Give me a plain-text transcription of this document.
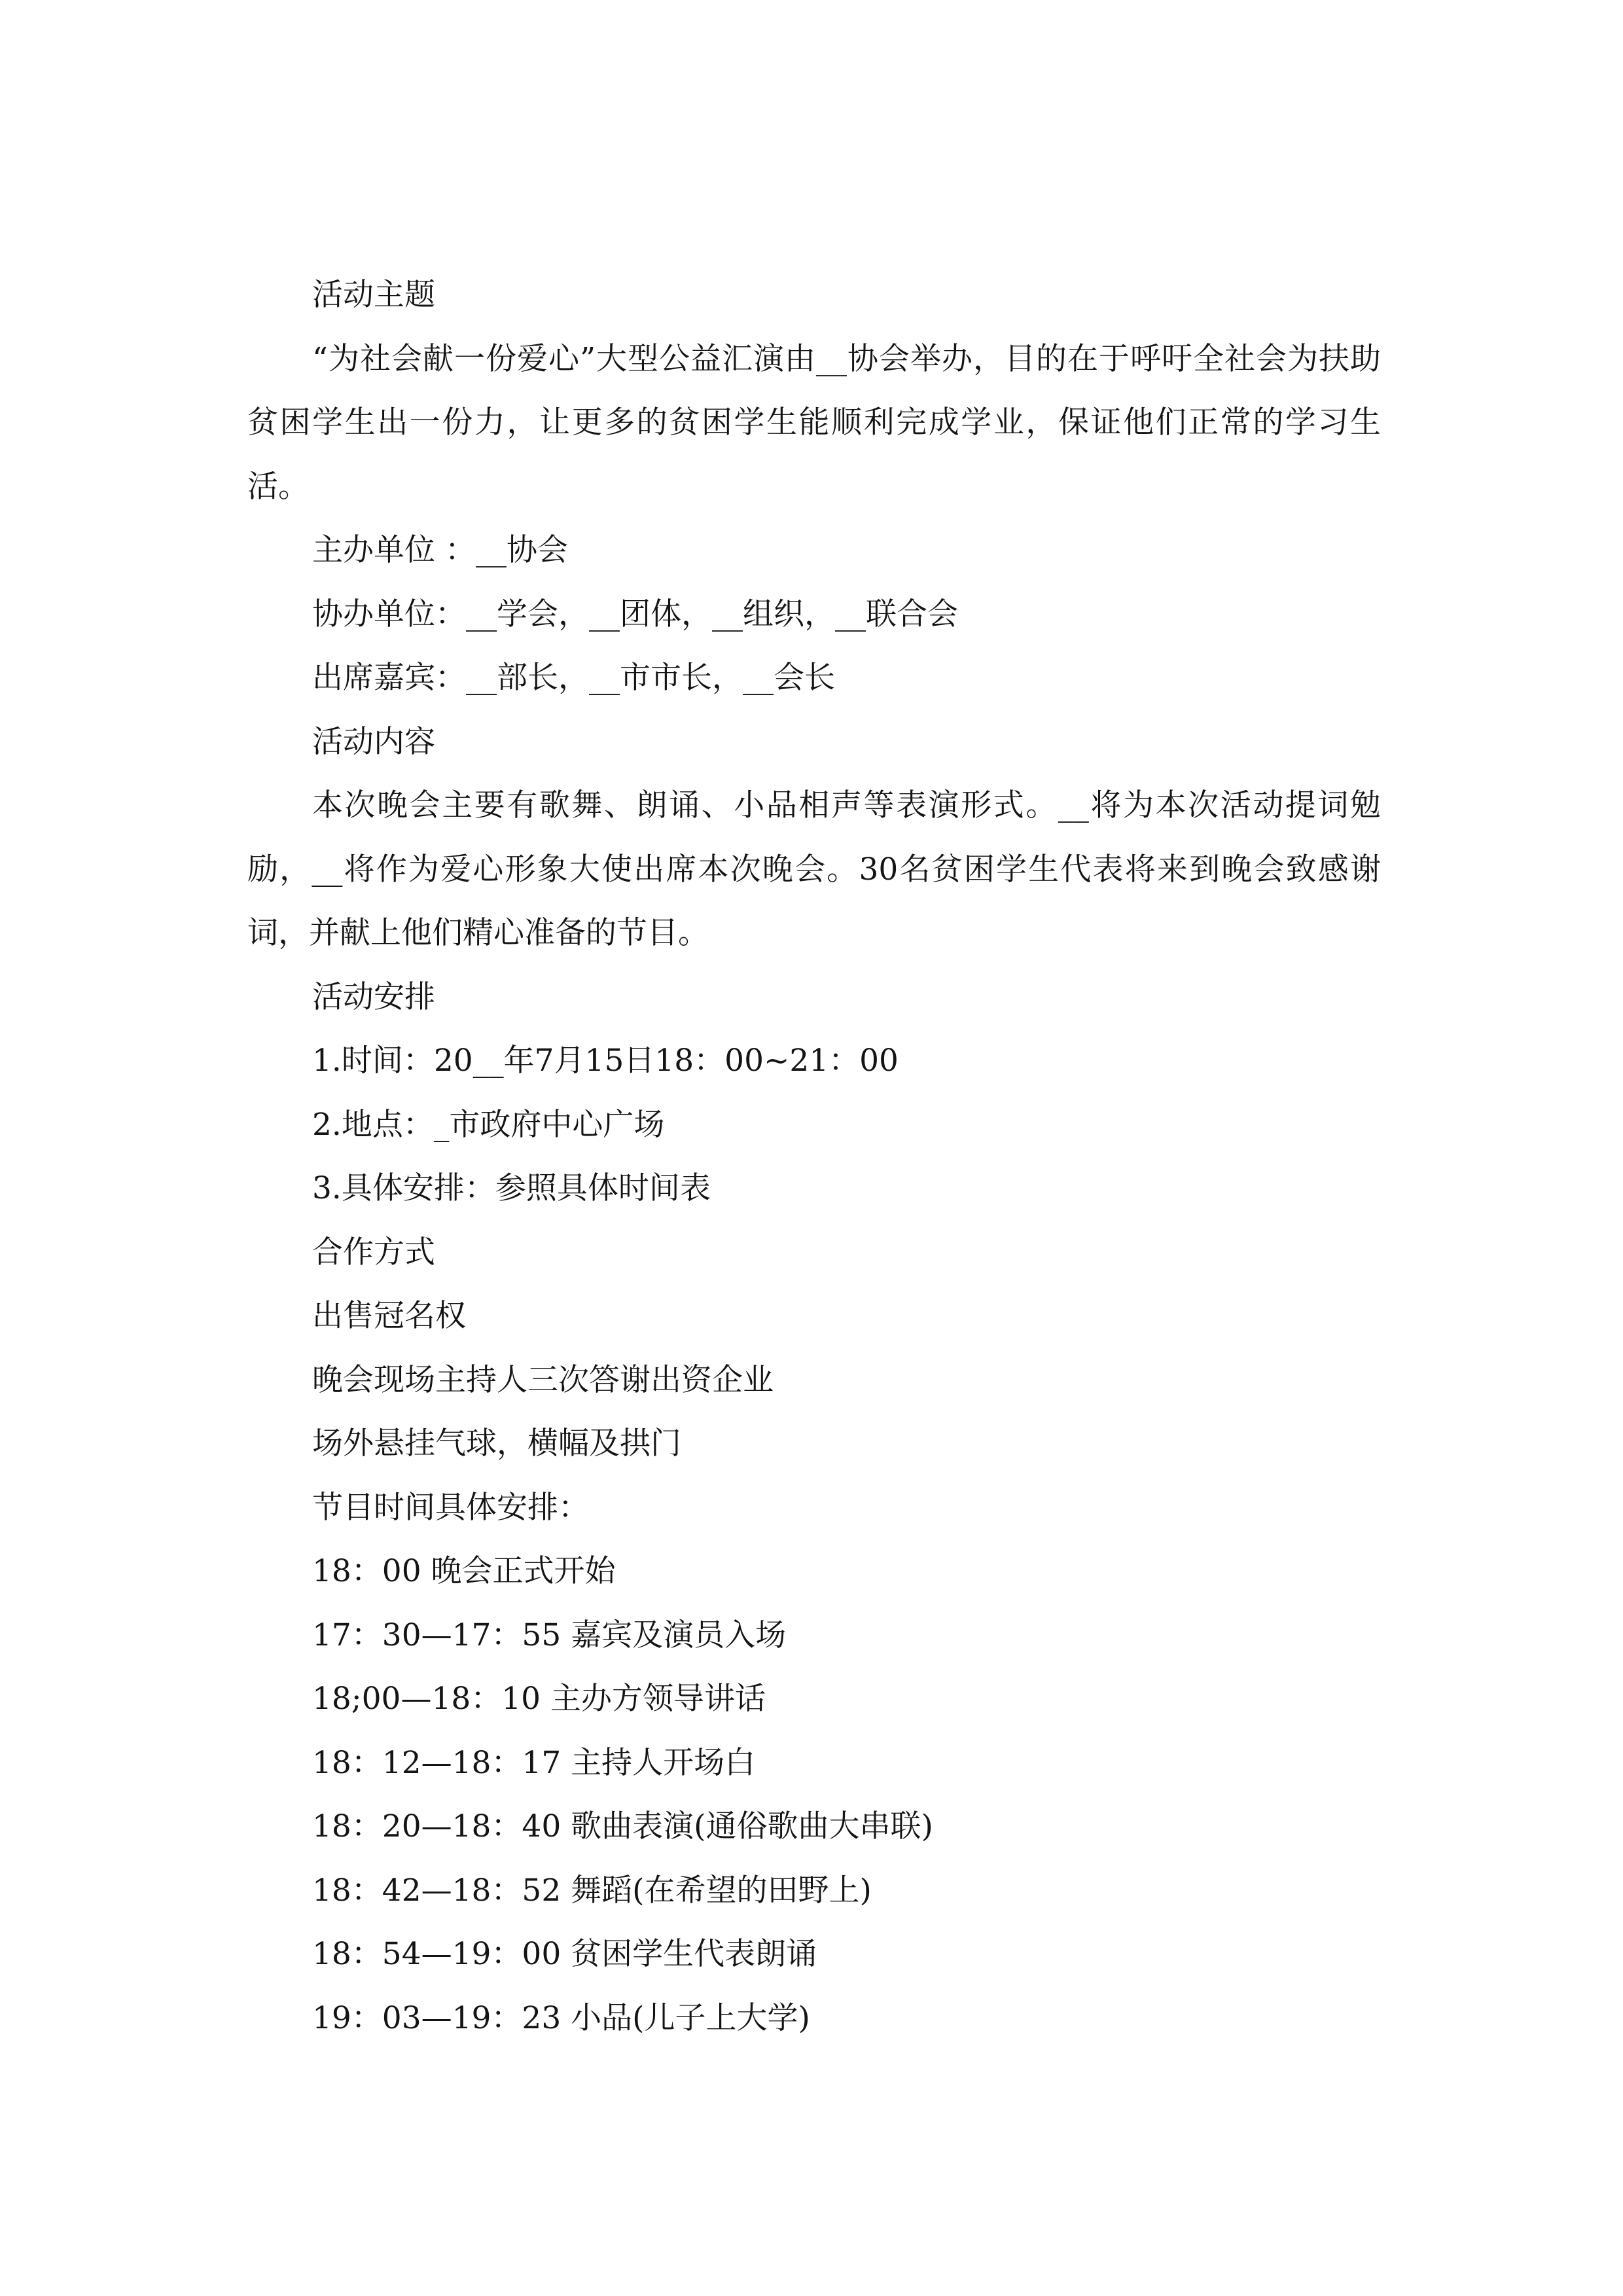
活动主题

“为社会献一份爱心”大型公益汇演由__协会举办，目的在于呼吁全社会为扶助贫困学生出一份力，让更多的贫困学生能顺利完成学业，保证他们正常的学习生活。

主办单位 ：__协会

协办单位：__学会，__团体，__组织，__联合会

出席嘉宾：__部长，__市市长，__会长

活动内容

本次晚会主要有歌舞、朗诵、小品相声等表演形式。__将为本次活动提词勉励，__将作为爱心形象大使出席本次晚会。30名贫困学生代表将来到晚会致感谢词，并献上他们精心准备的节目。

活动安排

1.时间：20__年7月15日18：00~21：00

2.地点：_市政府中心广场

3.具体安排：参照具体时间表

合作方式

出售冠名权

晚会现场主持人三次答谢出资企业

场外悬挂气球，横幅及拱门

节目时间具体安排：

18：00 晚会正式开始

17：30—17：55 嘉宾及演员入场

18;00—18：10 主办方领导讲话

18：12—18：17 主持人开场白

18：20—18：40 歌曲表演(通俗歌曲大串联)

18：42—18：52 舞蹈(在希望的田野上)

18：54—19：00 贫困学生代表朗诵

19：03—19：23 小品(儿子上大学)
